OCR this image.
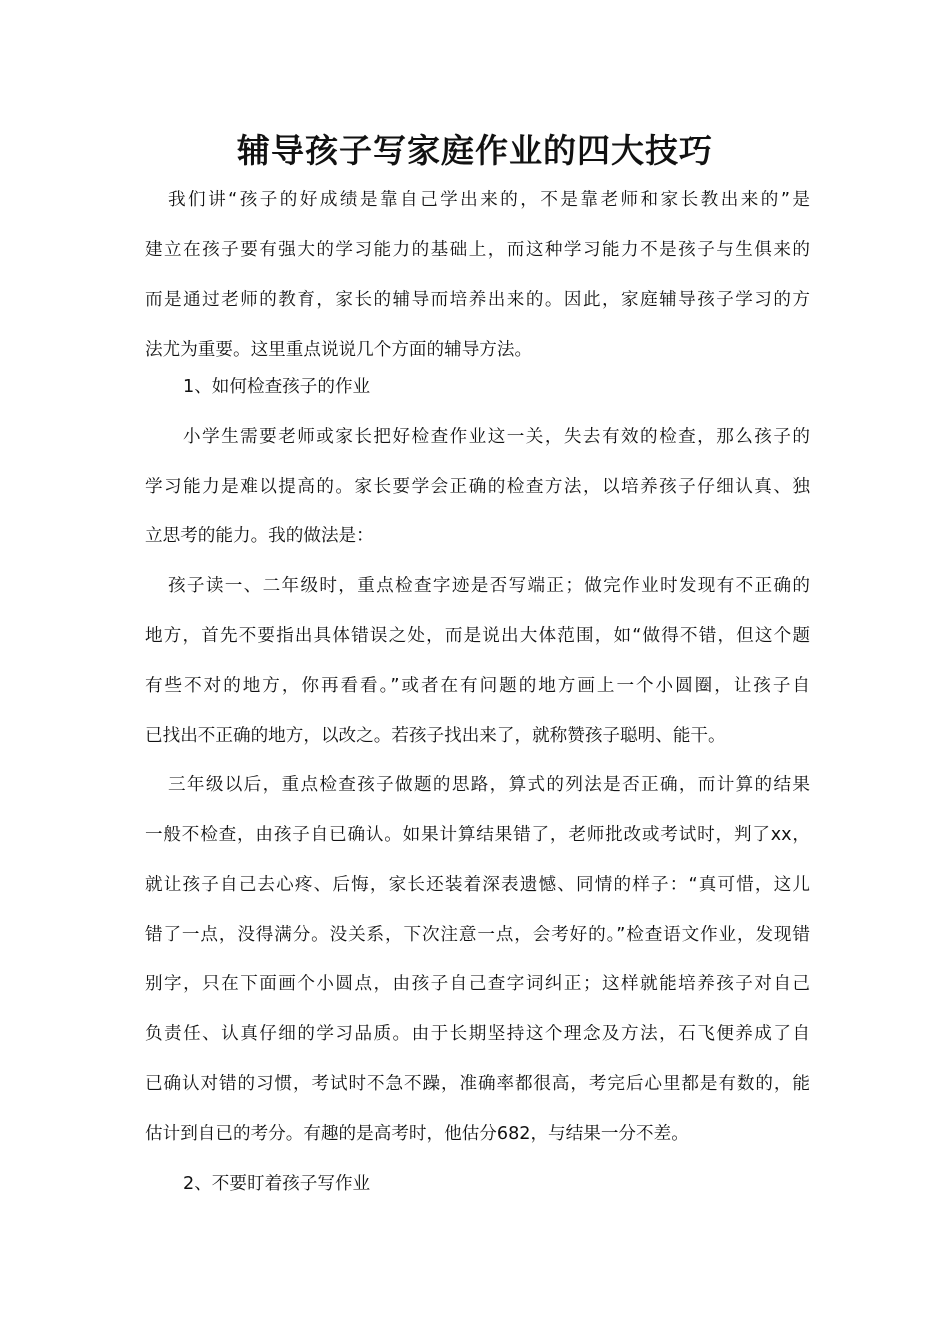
辅导孩子写家庭作业的四大技巧

我们讲“孩子的好成绩是靠自己学出来的，不是靠老师和家长教出来的”是

建立在孩子要有强大的学习能力的基础上，而这种学习能力不是孩子与生俱来的

而是通过老师的教育，家长的辅导而培养出来的。因此，家庭辅导孩子学习的方

法尤为重要。这里重点说说几个方面的辅导方法。

1、如何检查孩子的作业

小学生需要老师或家长把好检查作业这一关，失去有效的检查，那么孩子的

学习能力是难以提高的。家长要学会正确的检查方法，以培养孩子仔细认真、独

立思考的能力。我的做法是：

孩子读一、二年级时，重点检查字迹是否写端正；做完作业时发现有不正确的

地方，首先不要指出具体错误之处，而是说出大体范围，如“做得不错，但这个题

有些不对的地方，你再看看。”或者在有问题的地方画上一个小圆圈，让孩子自

已找出不正确的地方，以改之。若孩子找出来了，就称赞孩子聪明、能干。

三年级以后，重点检查孩子做题的思路，算式的列法是否正确，而计算的结果

一般不检查，由孩子自已确认。如果计算结果错了，老师批改或考试时，判了xx，

就让孩子自己去心疼、后悔，家长还装着深表遗憾、同情的样子：“真可惜，这儿

错了一点，没得满分。没关系，下次注意一点，会考好的。”检查语文作业，发现错

别字，只在下面画个小圆点，由孩子自己查字词纠正；这样就能培养孩子对自己

负责任、认真仔细的学习品质。由于长期坚持这个理念及方法，石飞便养成了自

已确认对错的习惯，考试时不急不躁，准确率都很高，考完后心里都是有数的，能

估计到自已的考分。有趣的是高考时，他估分682，与结果一分不差。

2、不要盯着孩子写作业
